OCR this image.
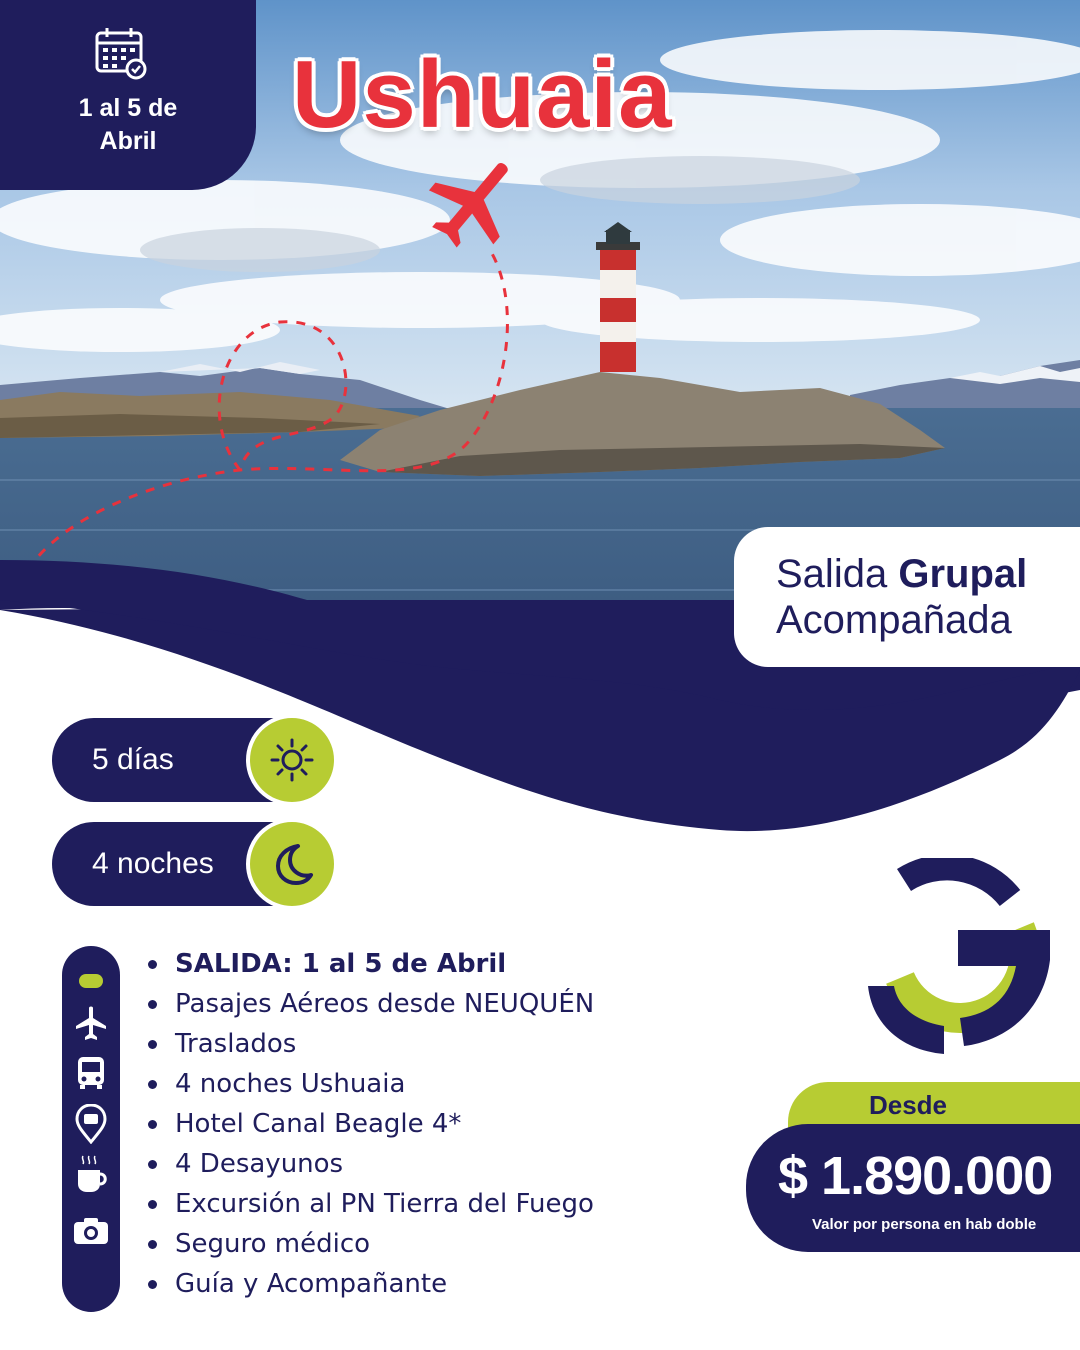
1 al 5 de
Abril	Ushuaia
Salida Grupal
Acompañada
5 días
4 noches
SALIDA: 1 al 5 de Abril
Pasajes Aéreos desde NEUQUÉN
Traslados
4 noches Ushuaia
Hotel Canal Beagle 4*
4 Desayunos
Excursión al PN Tierra del Fuego
Seguro médico
Guía y Acompañante
Desde
$ 1.890.000
Valor por persona en hab doble
